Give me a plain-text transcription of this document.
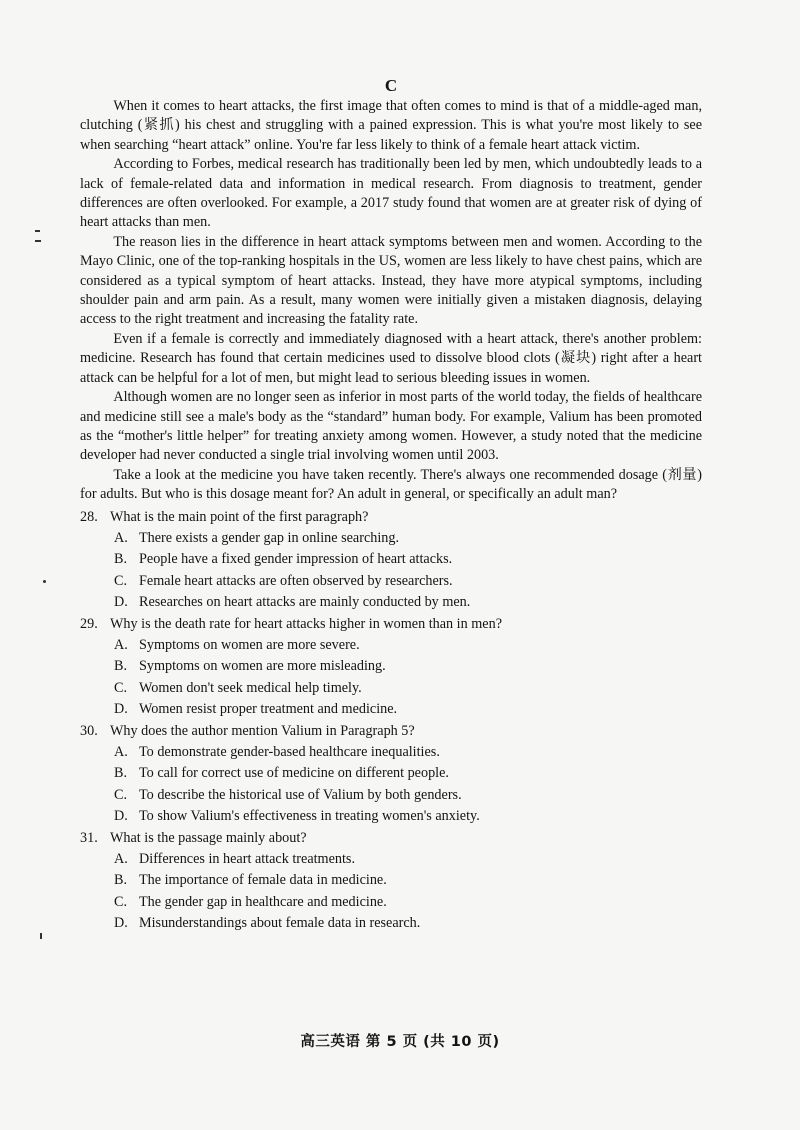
C

When it comes to heart attacks, the first image that often comes to mind is that of a middle-aged man, clutching (紧抓) his chest and struggling with a pained expression. This is what you're most likely to see when searching “heart attack” online. You're far less likely to think of a female heart attack victim.

According to Forbes, medical research has traditionally been led by men, which undoubtedly leads to a lack of female-related data and information in medical research. From diagnosis to treatment, gender differences are often overlooked. For example, a 2017 study found that women are at greater risk of dying of heart attacks than men.

The reason lies in the difference in heart attack symptoms between men and women. According to the Mayo Clinic, one of the top-ranking hospitals in the US, women are less likely to have chest pains, which are considered as a typical symptom of heart attacks. Instead, they have more atypical symptoms, including shoulder pain and arm pain. As a result, many women were initially given a mistaken diagnosis, delaying access to the right treatment and increasing the fatality rate.

Even if a female is correctly and immediately diagnosed with a heart attack, there's another problem: medicine. Research has found that certain medicines used to dissolve blood clots (凝块) right after a heart attack can be helpful for a lot of men, but might lead to serious bleeding issues in women.

Although women are no longer seen as inferior in most parts of the world today, the fields of healthcare and medicine still see a male's body as the “standard” human body. For example, Valium has been promoted as the “mother's little helper” for treating anxiety among women. However, a study noted that the medicine developer had never conducted a single trial involving women until 2003.

Take a look at the medicine you have taken recently. There's always one recommended dosage (剂量) for adults. But who is this dosage meant for? An adult in general, or specifically an adult man?

28. What is the main point of the first paragraph?
A. There exists a gender gap in online searching.
B. People have a fixed gender impression of heart attacks.
C. Female heart attacks are often observed by researchers.
D. Researches on heart attacks are mainly conducted by men.
29. Why is the death rate for heart attacks higher in women than in men?
A. Symptoms on women are more severe.
B. Symptoms on women are more misleading.
C. Women don't seek medical help timely.
D. Women resist proper treatment and medicine.
30. Why does the author mention Valium in Paragraph 5?
A. To demonstrate gender-based healthcare inequalities.
B. To call for correct use of medicine on different people.
C. To describe the historical use of Valium by both genders.
D. To show Valium's effectiveness in treating women's anxiety.
31. What is the passage mainly about?
A. Differences in heart attack treatments.
B. The importance of female data in medicine.
C. The gender gap in healthcare and medicine.
D. Misunderstandings about female data in research.
高三英语 第 5 页 (共 10 页)
